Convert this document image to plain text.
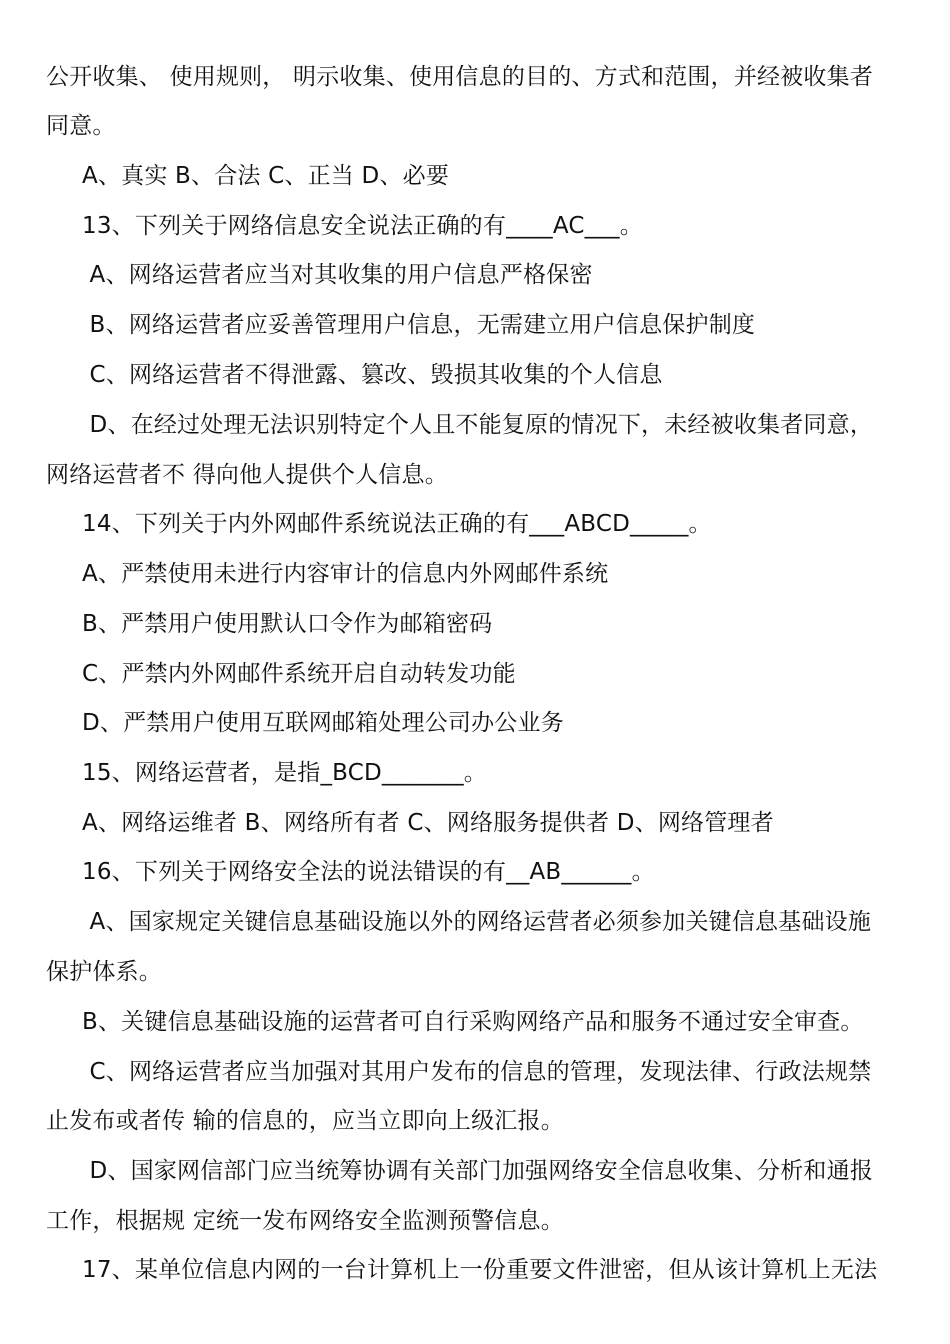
公开收集、 使用规则， 明示收集、使用信息的目的、方式和范围，并经被收集者
同意。
A、真实 B、合法 C、正当 D、必要
13、下列关于网络信息安全说法正确的有____AC___。
A、网络运营者应当对其收集的用户信息严格保密
B、网络运营者应妥善管理用户信息，无需建立用户信息保护制度
C、网络运营者不得泄露、篡改、毁损其收集的个人信息
D、在经过处理无法识别特定个人且不能复原的情况下，未经被收集者同意，
网络运营者不 得向他人提供个人信息。
14、下列关于内外网邮件系统说法正确的有___ABCD_____。
A、严禁使用未进行内容审计的信息内外网邮件系统
B、严禁用户使用默认口令作为邮箱密码
C、严禁内外网邮件系统开启自动转发功能
D、严禁用户使用互联网邮箱处理公司办公业务
15、网络运营者，是指_BCD_______。
A、网络运维者 B、网络所有者 C、网络服务提供者 D、网络管理者
16、下列关于网络安全法的说法错误的有__AB______。
A、国家规定关键信息基础设施以外的网络运营者必须参加关键信息基础设施
保护体系。
B、关键信息基础设施的运营者可自行采购网络产品和服务不通过安全审查。
C、网络运营者应当加强对其用户发布的信息的管理，发现法律、行政法规禁
止发布或者传 输的信息的，应当立即向上级汇报。
D、国家网信部门应当统筹协调有关部门加强网络安全信息收集、分析和通报
工作，根据规 定统一发布网络安全监测预警信息。
17、某单位信息内网的一台计算机上一份重要文件泄密，但从该计算机上无法
